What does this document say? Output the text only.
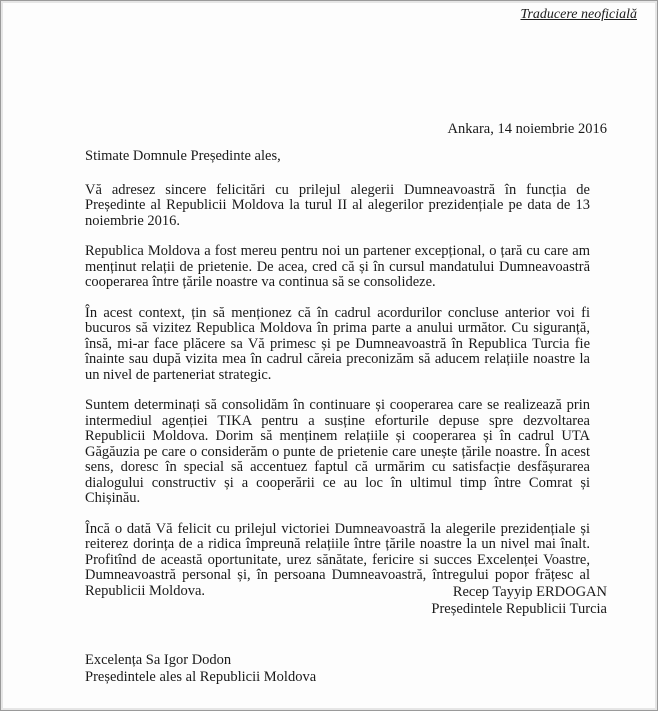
Traducere neoficială
Ankara, 14 noiembrie 2016

Stimate Domnule Președinte ales,

Vă adresez sincere felicitări cu prilejul alegerii Dumneavoastră în funcția de Președinte al Republicii Moldova la turul II al alegerilor prezidențiale pe data de 13 noiembrie 2016.

Republica Moldova a fost mereu pentru noi un partener excepțional, o țară cu care am menținut relații de prietenie. De acea, cred că și în cursul mandatului Dumneavoastră cooperarea între țările noastre va continua să se consolideze.

În acest context, țin să menționez că în cadrul acordurilor concluse anterior voi fi bucuros să vizitez Republica Moldova în prima parte a anului următor. Cu siguranță, însă, mi-ar face plăcere sa Vă primesc și pe Dumneavoastră în Republica Turcia fie înainte sau după vizita mea în cadrul căreia preconizăm să aducem relațiile noastre la un nivel de parteneriat strategic.

Suntem determinați să consolidăm în continuare și cooperarea care se realizează prin intermediul agenției TIKA pentru a susține eforturile depuse spre dezvoltarea Republicii Moldova. Dorim să menținem relațiile și cooperarea și în cadrul UTA Găgăuzia pe care o considerăm o punte de prietenie care unește țările noastre. În acest sens, doresc în special să accentuez faptul că urmărim cu satisfacție desfășurarea dialogului constructiv și a cooperării ce au loc în ultimul timp între Comrat și Chișinău.

Încă o dată Vă felicit cu prilejul victoriei Dumneavoastră la alegerile prezidențiale și reiterez dorința de a ridica împreună relațiile între țările noastre la un nivel mai înalt. Profitînd de această oportunitate, urez sănătate, fericire si succes Excelenței Voastre, Dumneavoastră personal și, în persoana Dumneavoastră, întregului popor frățesc al Republicii Moldova.	Recep Tayyip ERDOGAN
Președintele Republicii Turcia
Excelența Sa Igor Dodon
Președintele ales al Republicii Moldova
